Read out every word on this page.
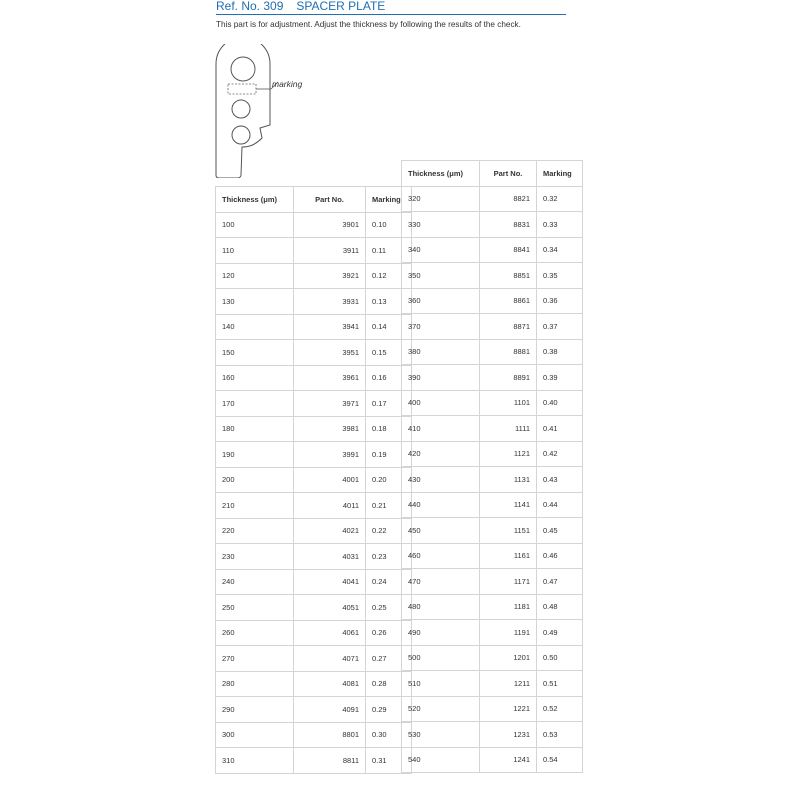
Ref. No. 309 SPACER PLATE
This part is for adjustment. Adjust the thickness by following the results of the check.
marking
Thickness (μm)	Part No.	Marking
100	3901	0.10
110	3911	0.11
120	3921	0.12
130	3931	0.13
140	3941	0.14
150	3951	0.15
160	3961	0.16
170	3971	0.17
180	3981	0.18
190	3991	0.19
200	4001	0.20
210	4011	0.21
220	4021	0.22
230	4031	0.23
240	4041	0.24
250	4051	0.25
260	4061	0.26
270	4071	0.27
280	4081	0.28
290	4091	0.29
300	8801	0.30
310	8811	0.31
Thickness (μm)	Part No.	Marking
320	8821	0.32
330	8831	0.33
340	8841	0.34
350	8851	0.35
360	8861	0.36
370	8871	0.37
380	8881	0.38
390	8891	0.39
400	1101	0.40
410	1111	0.41
420	1121	0.42
430	1131	0.43
440	1141	0.44
450	1151	0.45
460	1161	0.46
470	1171	0.47
480	1181	0.48
490	1191	0.49
500	1201	0.50
510	1211	0.51
520	1221	0.52
530	1231	0.53
540	1241	0.54
